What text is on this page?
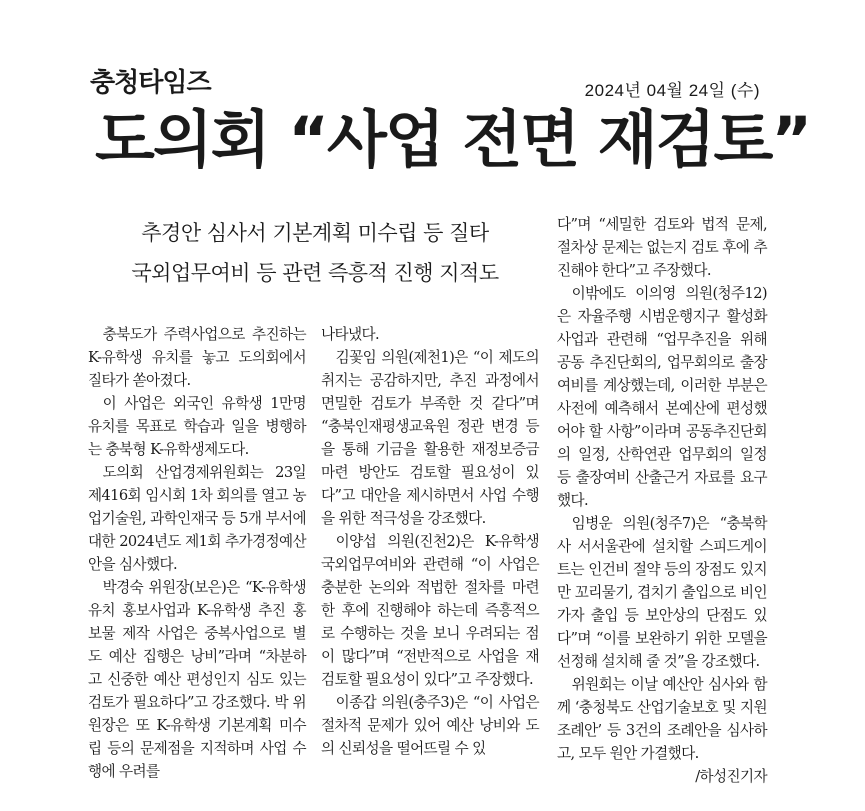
충청타임즈	2024년 04월 24일 (수)
도의회 “사업 전면 재검토”
추경안 심사서 기본계획 미수립 등 질타
국외업무여비 등 관련 즉흥적 진행 지적도

충북도가 주력사업으로 추진하는 K-유학생 유치를 놓고 도의회에서 질타가 쏟아졌다.

이 사업은 외국인 유학생 1만명 유치를 목표로 학습과 일을 병행하는 충북형 K-유학생제도다.

도의회 산업경제위원회는 23일 제416회 임시회 1차 회의를 열고 농업기술원, 과학인재국 등 5개 부서에 대한 2024년도 제1회 추가경정예산안을 심사했다.

박경숙 위원장(보은)은 “K-유학생 유치 홍보사업과 K-유학생 추진 홍보물 제작 사업은 중복사업으로 별도 예산 집행은 낭비”라며 “차분하고 신중한 예산 편성인지 심도 있는 검토가 필요하다”고 강조했다. 박 위원장은 또 K-유학생 기본계획 미수립 등의 문제점을 지적하며 사업 수행에 우려를

나타냈다.

김꽃임 의원(제천1)은 “이 제도의 취지는 공감하지만, 추진 과정에서 면밀한 검토가 부족한 것 같다”며 “충북인재평생교육원 정관 변경 등을 통해 기금을 활용한 재정보증금 마련 방안도 검토할 필요성이 있다”고 대안을 제시하면서 사업 수행을 위한 적극성을 강조했다.

이양섭 의원(진천2)은 K-유학생 국외업무여비와 관련해 “이 사업은 충분한 논의와 적법한 절차를 마련한 후에 진행해야 하는데 즉흥적으로 수행하는 것을 보니 우려되는 점이 많다”며 “전반적으로 사업을 재검토할 필요성이 있다”고 주장했다.

이종갑 의원(충주3)은 “이 사업은 절차적 문제가 있어 예산 낭비와 도의 신뢰성을 떨어뜨릴 수 있

다”며 “세밀한 검토와 법적 문제, 절차상 문제는 없는지 검토 후에 추진해야 한다”고 주장했다.

이밖에도 이의영 의원(청주12)은 자율주행 시범운행지구 활성화 사업과 관련해 “업무추진을 위해 공동 추진단회의, 업무회의로 출장 여비를 계상했는데, 이러한 부분은 사전에 예측해서 본예산에 편성했어야 할 사항”이라며 공동추진단회의 일정, 산학연관 업무회의 일정 등 출장여비 산출근거 자료를 요구했다.

임병운 의원(청주7)은 “충북학사 서서울관에 설치할 스피드게이트는 인건비 절약 등의 장점도 있지만 꼬리물기, 겹치기 출입으로 비인가자 출입 등 보안상의 단점도 있다”며 “이를 보완하기 위한 모델을 선정해 설치해 줄 것”을 강조했다.

위원회는 이날 예산안 심사와 함께 ‘충청북도 산업기술보호 및 지원 조례안’ 등 3건의 조례안을 심사하고, 모두 원안 가결했다.

/하성진기자
